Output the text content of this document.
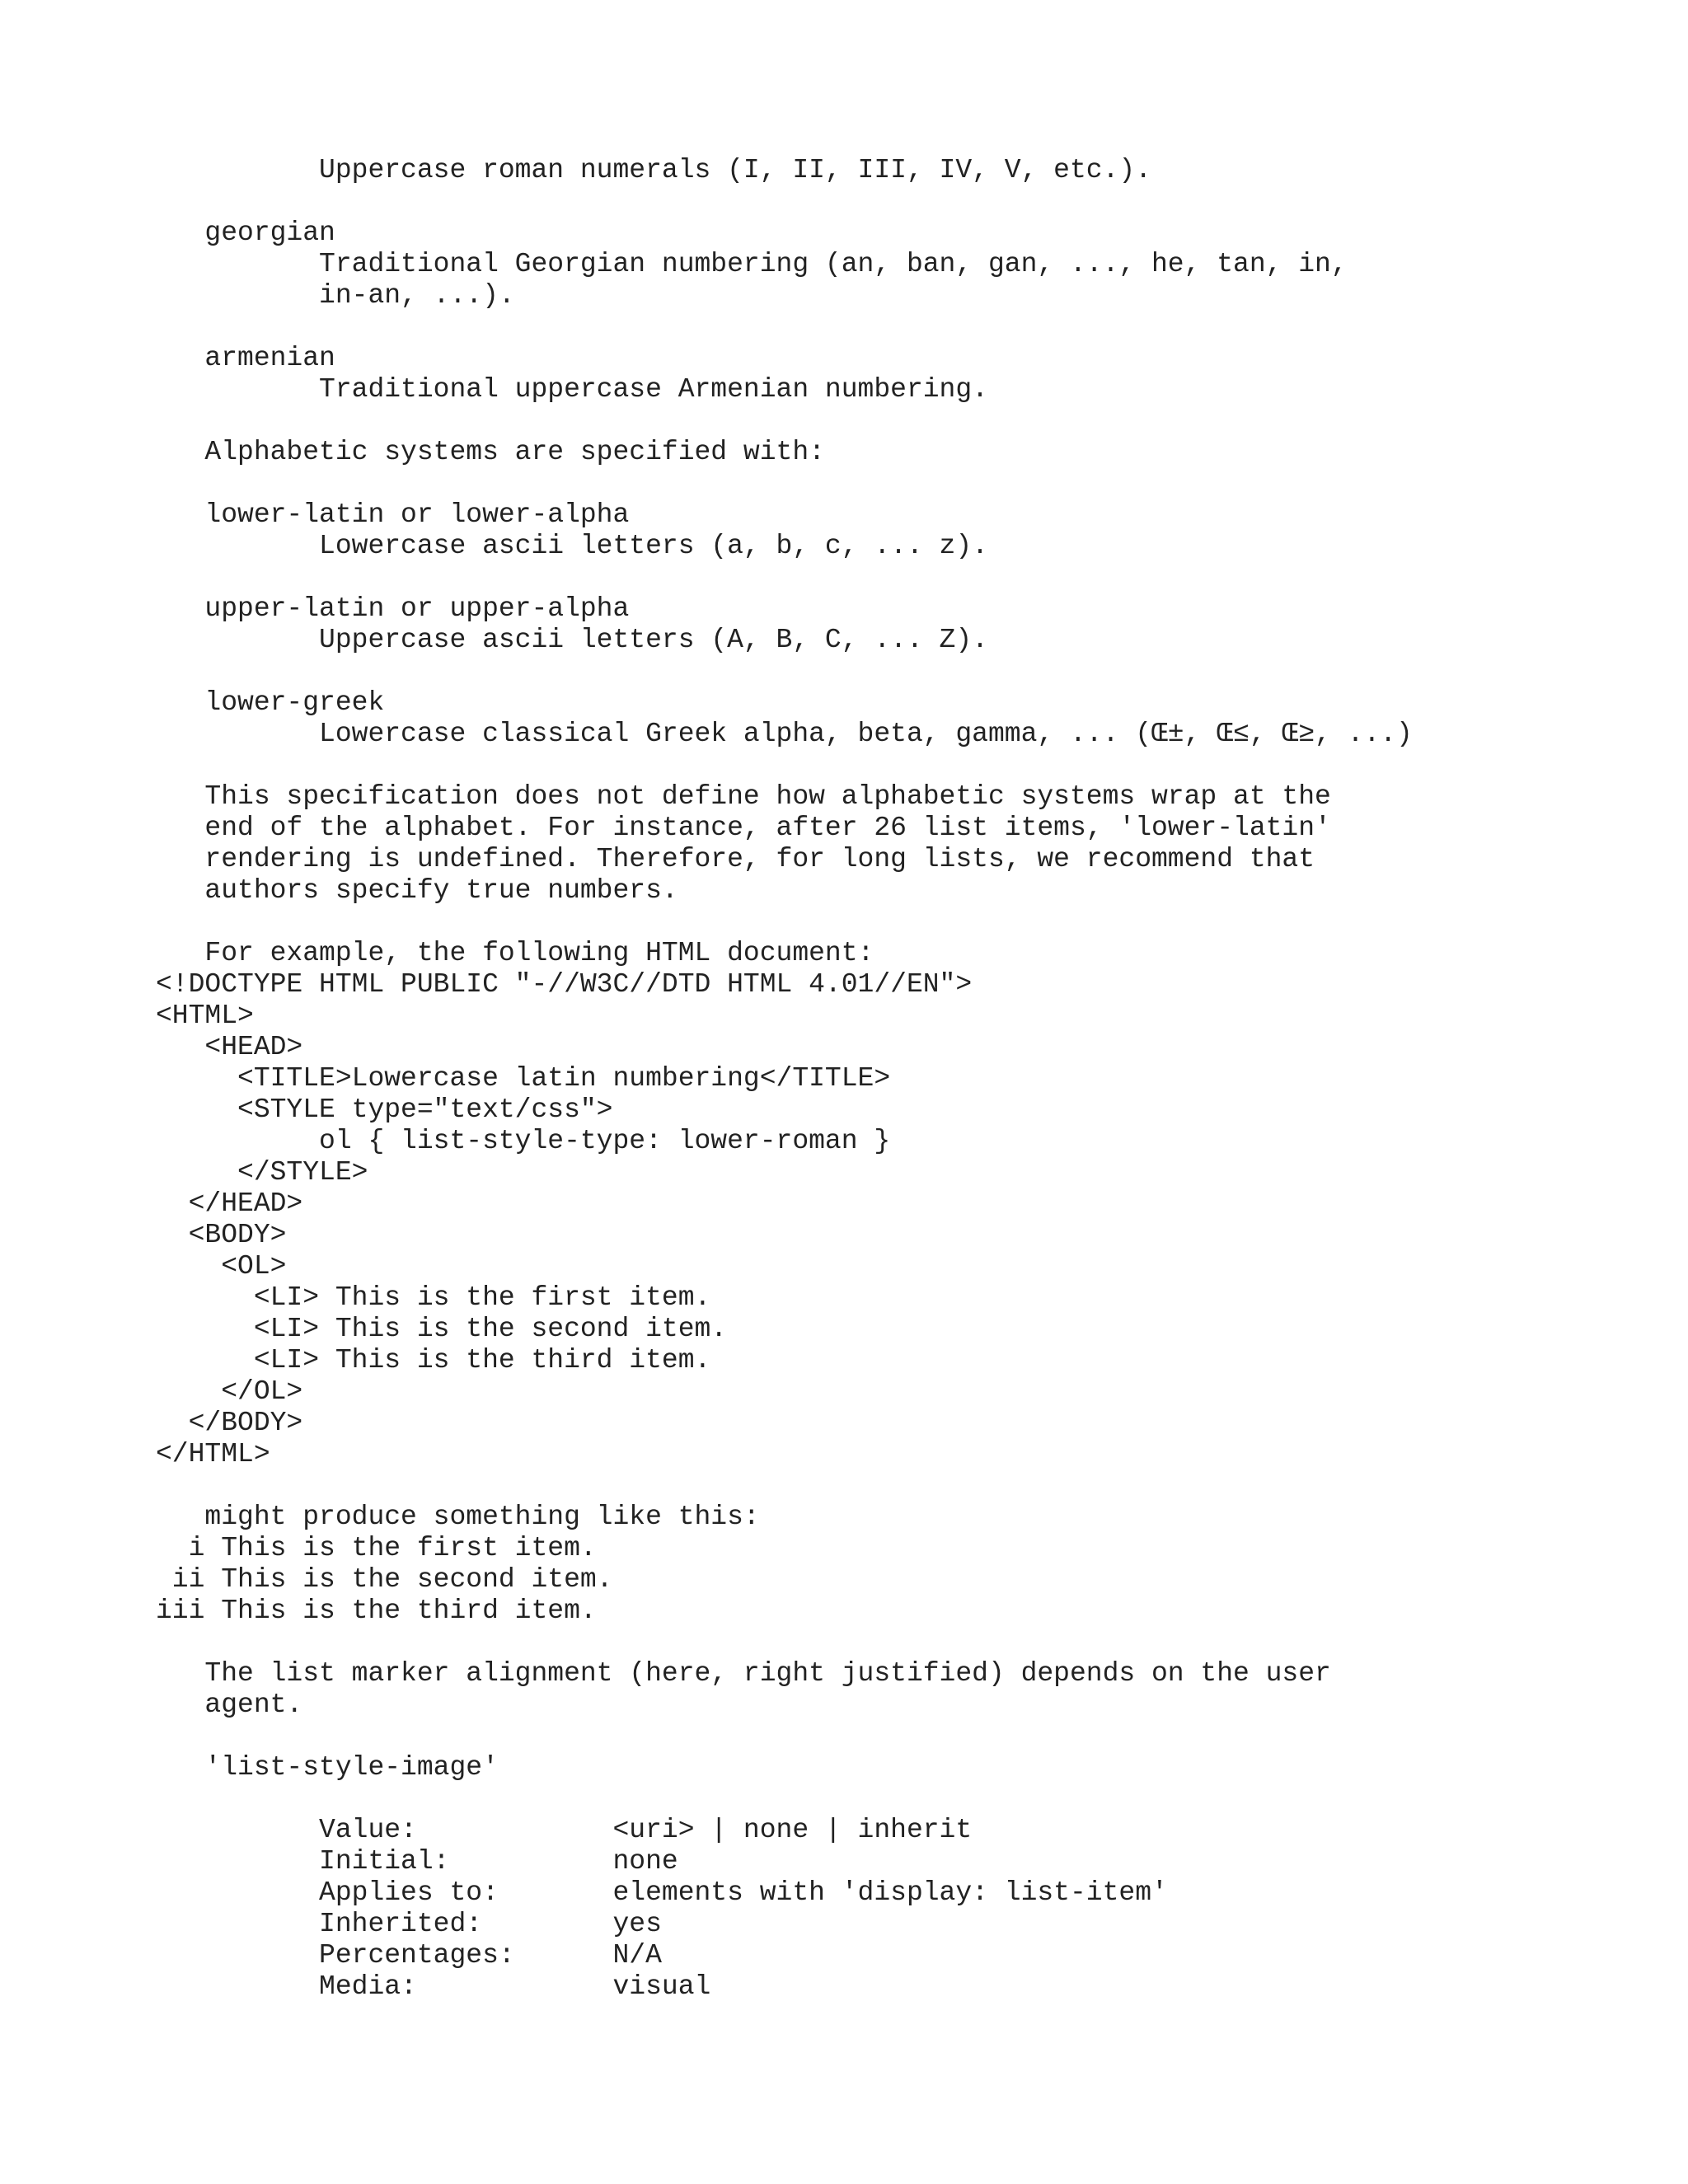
Uppercase roman numerals (I, II, III, IV, V, etc.).
georgian
Traditional Georgian numbering (an, ban, gan, ..., he, tan, in,
in-an, ...).
armenian
Traditional uppercase Armenian numbering.
Alphabetic systems are specified with:
lower-latin or lower-alpha
Lowercase ascii letters (a, b, c, ... z).
upper-latin or upper-alpha
Uppercase ascii letters (A, B, C, ... Z).
lower-greek
Lowercase classical Greek alpha, beta, gamma, ... (Œ±, Œ≤, Œ≥, ...)
This specification does not define how alphabetic systems wrap at the
end of the alphabet. For instance, after 26 list items, 'lower-latin'
rendering is undefined. Therefore, for long lists, we recommend that
authors specify true numbers.
For example, the following HTML document:
<!DOCTYPE HTML PUBLIC "-//W3C//DTD HTML 4.01//EN">
<HTML>
<HEAD>
<TITLE>Lowercase latin numbering</TITLE>
<STYLE type="text/css">
ol { list-style-type: lower-roman }
</STYLE>
</HEAD>
<BODY>
<OL>
<LI> This is the first item.
<LI> This is the second item.
<LI> This is the third item.
</OL>
</BODY>
</HTML>
might produce something like this:
i This is the first item.
ii This is the second item.
iii This is the third item.
The list marker alignment (here, right justified) depends on the user
agent.
'list-style-image'
Value:            <uri> | none | inherit
Initial:          none
Applies to:       elements with 'display: list-item'
Inherited:        yes
Percentages:      N/A
Media:            visual
